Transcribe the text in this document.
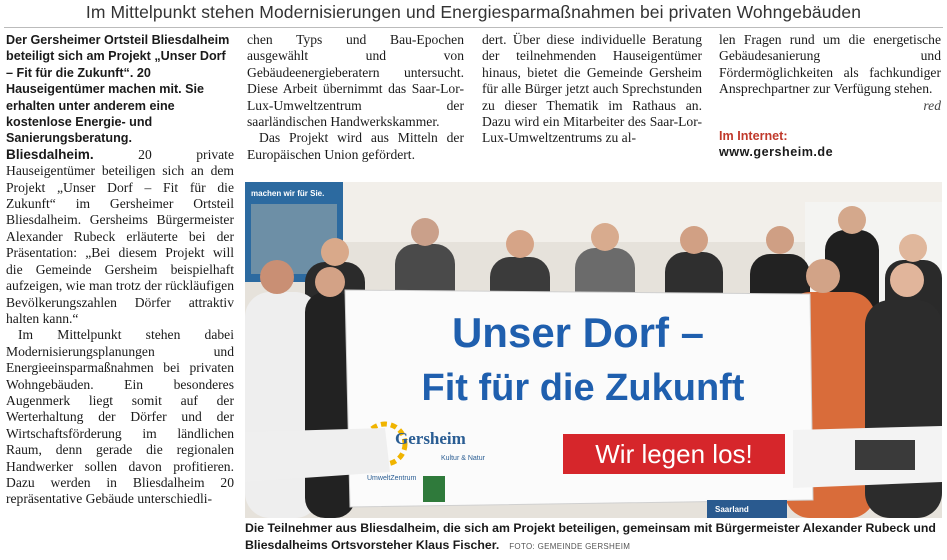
Im Mittelpunkt stehen Modernisierungen und Energiesparmaßnahmen bei privaten Wohngebäuden

Der Gersheimer Ortsteil Bliesdalheim beteiligt sich am Projekt „Unser Dorf – Fit für die Zukunft“. 20 Hauseigentümer machen mit. Sie erhalten unter anderem eine kostenlose Energie- und Sanierungsberatung.

Bliesdalheim. 20 private Hauseigentümer beteiligen sich an dem Projekt „Unser Dorf – Fit für die Zukunft“ im Gersheimer Ortsteil Bliesdalheim. Gersheims Bürgermeister Alexander Rubeck erläuterte bei der Präsentation: „Bei diesem Projekt will die Gemeinde Gersheim beispielhaft aufzeigen, wie man trotz der rückläufigen Bevölkerungszahlen Dörfer attraktiv halten kann.“

Im Mittelpunkt stehen dabei Modernisierungsplanungen und Energieeinsparmaßnahmen bei privaten Wohngebäuden. Ein besonderes Augenmerk liegt somit auf der Werterhaltung der Dörfer und der Wirtschaftsförderung im ländlichen Raum, denn gerade die regionalen Handwerker sollen davon profitieren. Dazu werden in Bliesdalheim 20 repräsentative Gebäude unterschiedli-

chen Typs und Bau-Epochen ausgewählt und von Gebäudeenergieberatern untersucht. Diese Arbeit übernimmt das Saar-Lor-Lux-Umweltzentrum der saarländischen Handwerkskammer.

Das Projekt wird aus Mitteln der Europäischen Union gefördert.

dert. Über diese individuelle Beratung der teilnehmenden Hauseigentümer hinaus, bietet die Gemeinde Gersheim für alle Bürger jetzt auch Sprechstunden zu dieser Thematik im Rathaus an. Dazu wird ein Mitarbeiter des Saar-Lor-Lux-Umweltzentrums zu al-

len Fragen rund um die energetische Gebäudesanierung und Fördermöglichkeiten als fachkundiger Ansprechpartner zur Verfügung stehen.

red
Im Internet:
www.gersheim.de
machen wir für Sie.
Unser Dorf –
Fit für die Zukunft
Wir legen los!
Gersheim
Kultur & Natur
UmweltZentrum
Saarland
Die Teilnehmer aus Bliesdalheim, die sich am Projekt beteiligen, gemeinsam mit Bürgermeister Alexander Rubeck und Bliesdalheims Ortsvorsteher Klaus Fischer. FOTO: GEMEINDE GERSHEIM
